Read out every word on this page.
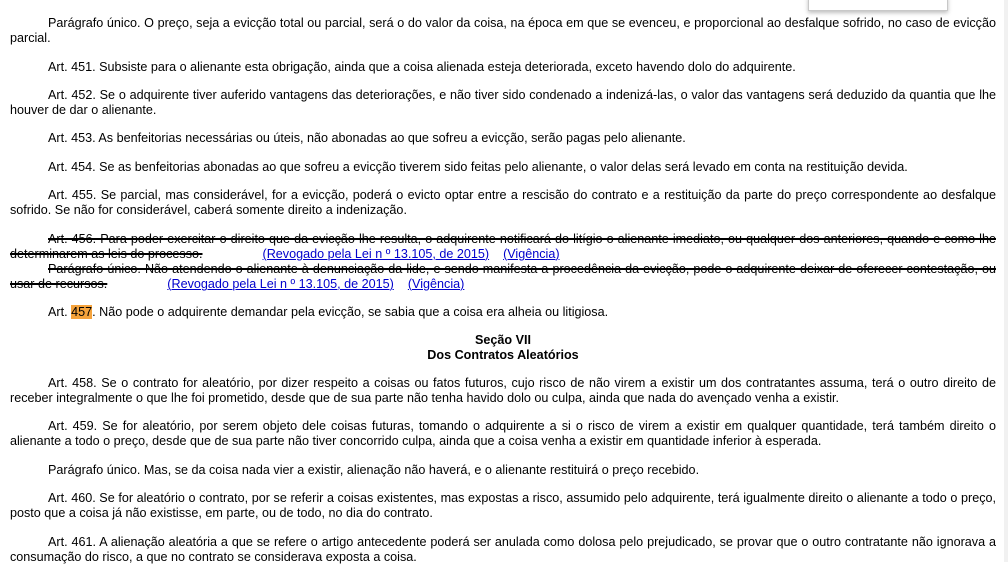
Parágrafo único. O preço, seja a evicção total ou parcial, será o do valor da coisa, na época em que se evenceu, e proporcional ao desfalque sofrido, no caso de evicção parcial.

Art. 451. Subsiste para o alienante esta obrigação, ainda que a coisa alienada esteja deteriorada, exceto havendo dolo do adquirente.

Art. 452. Se o adquirente tiver auferido vantagens das deteriorações, e não tiver sido condenado a indenizá-las, o valor das vantagens será deduzido da quantia que lhe houver de dar o alienante.

Art. 453. As benfeitorias necessárias ou úteis, não abonadas ao que sofreu a evicção, serão pagas pelo alienante.

Art. 454. Se as benfeitorias abonadas ao que sofreu a evicção tiverem sido feitas pelo alienante, o valor delas será levado em conta na restituição devida.

Art. 455. Se parcial, mas considerável, for a evicção, poderá o evicto optar entre a rescisão do contrato e a restituição da parte do preço correspondente ao desfalque sofrido. Se não for considerável, caberá somente direito a indenização.

Art. 456. Para poder exercitar o direito que da evicção lhe resulta, o adquirente notificará do litígio o alienante imediato, ou qualquer dos anteriores, quando e como lhe determinarem as leis do processo.	(Revogado pela Lei n º 13.105, de 2015) (Vigência)

Parágrafo único. Não atendendo o alienante à denunciação da lide, e sendo manifesta a procedência da evicção, pode o adquirente deixar de oferecer contestação, ou usar de recursos.	(Revogado pela Lei n º 13.105, de 2015) (Vigência)

Art. 457. Não pode o adquirente demandar pela evicção, se sabia que a coisa era alheia ou litigiosa.

Seção VII
Dos Contratos Aleatórios

Art. 458. Se o contrato for aleatório, por dizer respeito a coisas ou fatos futuros, cujo risco de não virem a existir um dos contratantes assuma, terá o outro direito de receber integralmente o que lhe foi prometido, desde que de sua parte não tenha havido dolo ou culpa, ainda que nada do avençado venha a existir.

Art. 459. Se for aleatório, por serem objeto dele coisas futuras, tomando o adquirente a si o risco de virem a existir em qualquer quantidade, terá também direito o alienante a todo o preço, desde que de sua parte não tiver concorrido culpa, ainda que a coisa venha a existir em quantidade inferior à esperada.

Parágrafo único. Mas, se da coisa nada vier a existir, alienação não haverá, e o alienante restituirá o preço recebido.

Art. 460. Se for aleatório o contrato, por se referir a coisas existentes, mas expostas a risco, assumido pelo adquirente, terá igualmente direito o alienante a todo o preço, posto que a coisa já não existisse, em parte, ou de todo, no dia do contrato.

Art. 461. A alienação aleatória a que se refere o artigo antecedente poderá ser anulada como dolosa pelo prejudicado, se provar que o outro contratante não ignorava a consumação do risco, a que no contrato se considerava exposta a coisa.
